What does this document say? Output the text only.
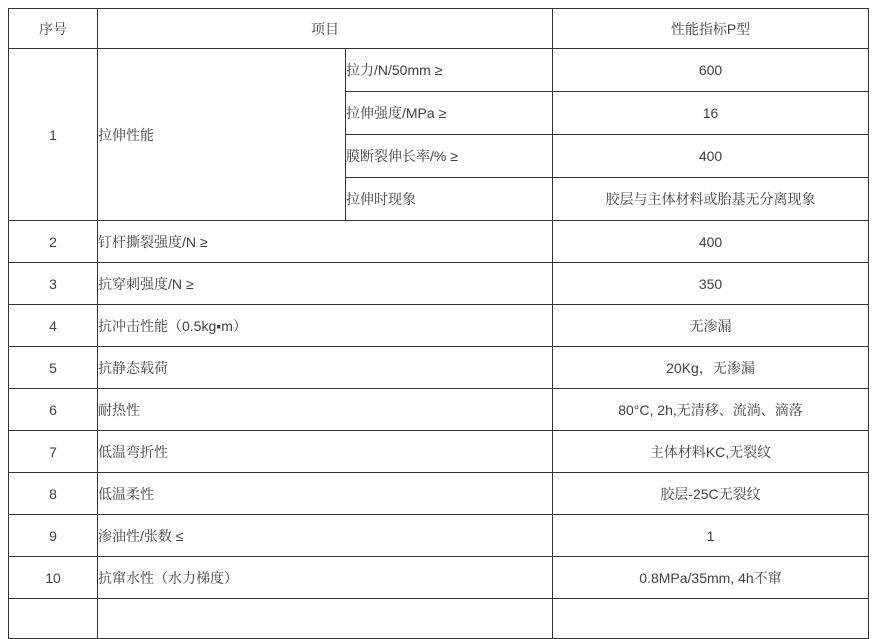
序号	项目		性能指标P型
1	拉伸性能	拉力/N/50mm ≥	600
		拉伸强度/MPa ≥	16
		膜断裂伸长率/% ≥	400
		拉伸时现象	胶层与主体材料或胎基无分离现象
2	钉杆撕裂强度/N ≥		400
3	抗穿刺强度/N ≥		350
4	抗冲击性能（0.5kg▪m）		无渗漏
5	抗静态载荷		20Kg，无渗漏
6	耐热性		80°C, 2h,无清移、流淌、滴落
7	低温弯折性		主体材料KC,无裂纹
8	低温柔性		胶层-25C无裂纹
9	渗油性/张数 ≤		1
10	抗窜水性（水力梯度）		0.8MPa/35mm, 4h不窜
